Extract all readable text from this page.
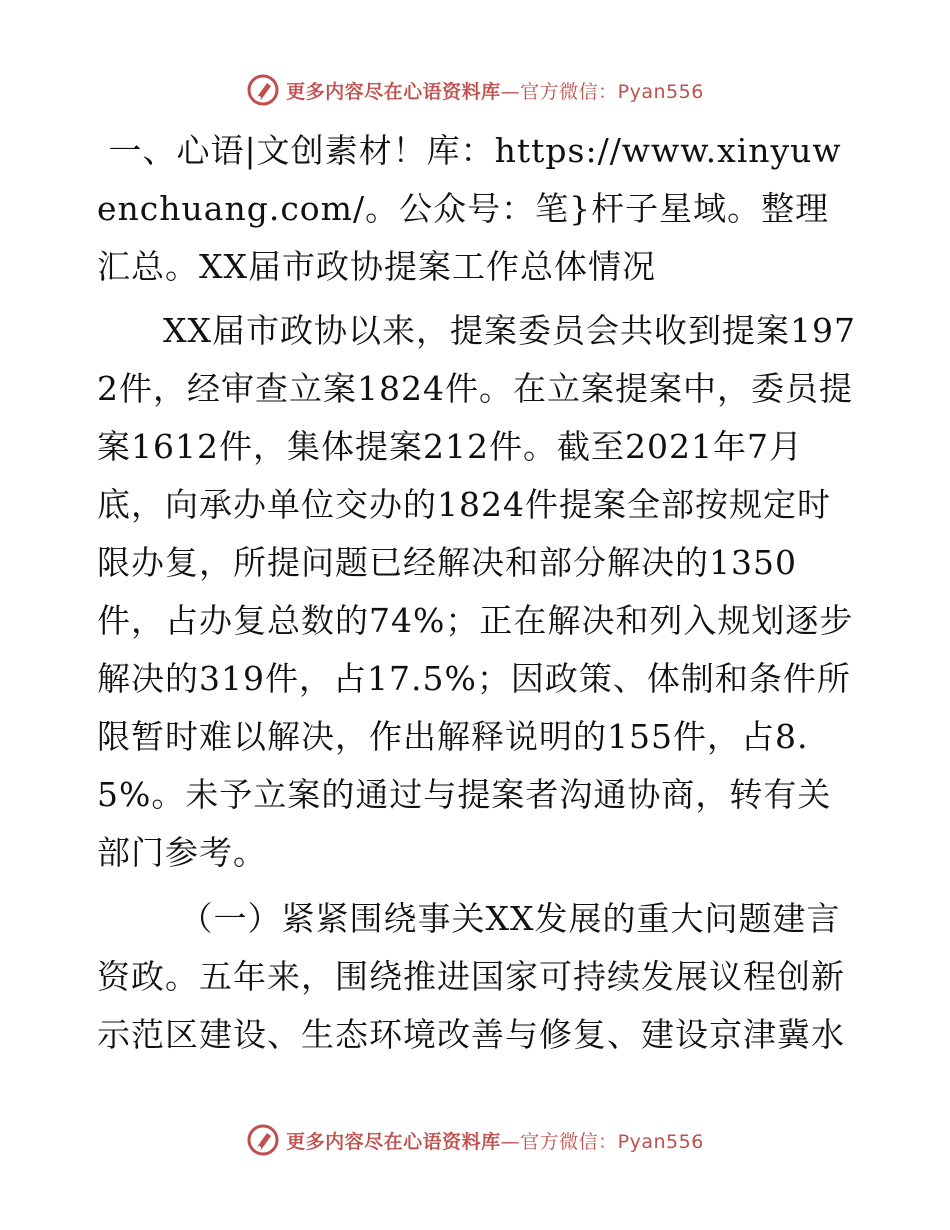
更多内容尽在心语资料库—官方微信：Pyan556

一、心语|文创素材！库：https://www.xinyuwenchuang.com/。公众号：笔}杆子星域。整理汇总。XX届市政协提案工作总体情况

XX届市政协以来，提案委员会共收到提案1972件，经审查立案1824件。在立案提案中，委员提案1612件，集体提案212件。截至2021年7月底，向承办单位交办的1824件提案全部按规定时限办复，所提问题已经解决和部分解决的1350件，占办复总数的74%；正在解决和列入规划逐步解决的319件，占17.5%；因政策、体制和条件所限暂时难以解决，作出解释说明的155件，占8.5%。未予立案的通过与提案者沟通协商，转有关部门参考。

（一）紧紧围绕事关XX发展的重大问题建言资政。五年来，围绕推进国家可持续发展议程创新示范区建设、生态环境改善与修复、建设京津冀水

更多内容尽在心语资料库—官方微信：Pyan556
